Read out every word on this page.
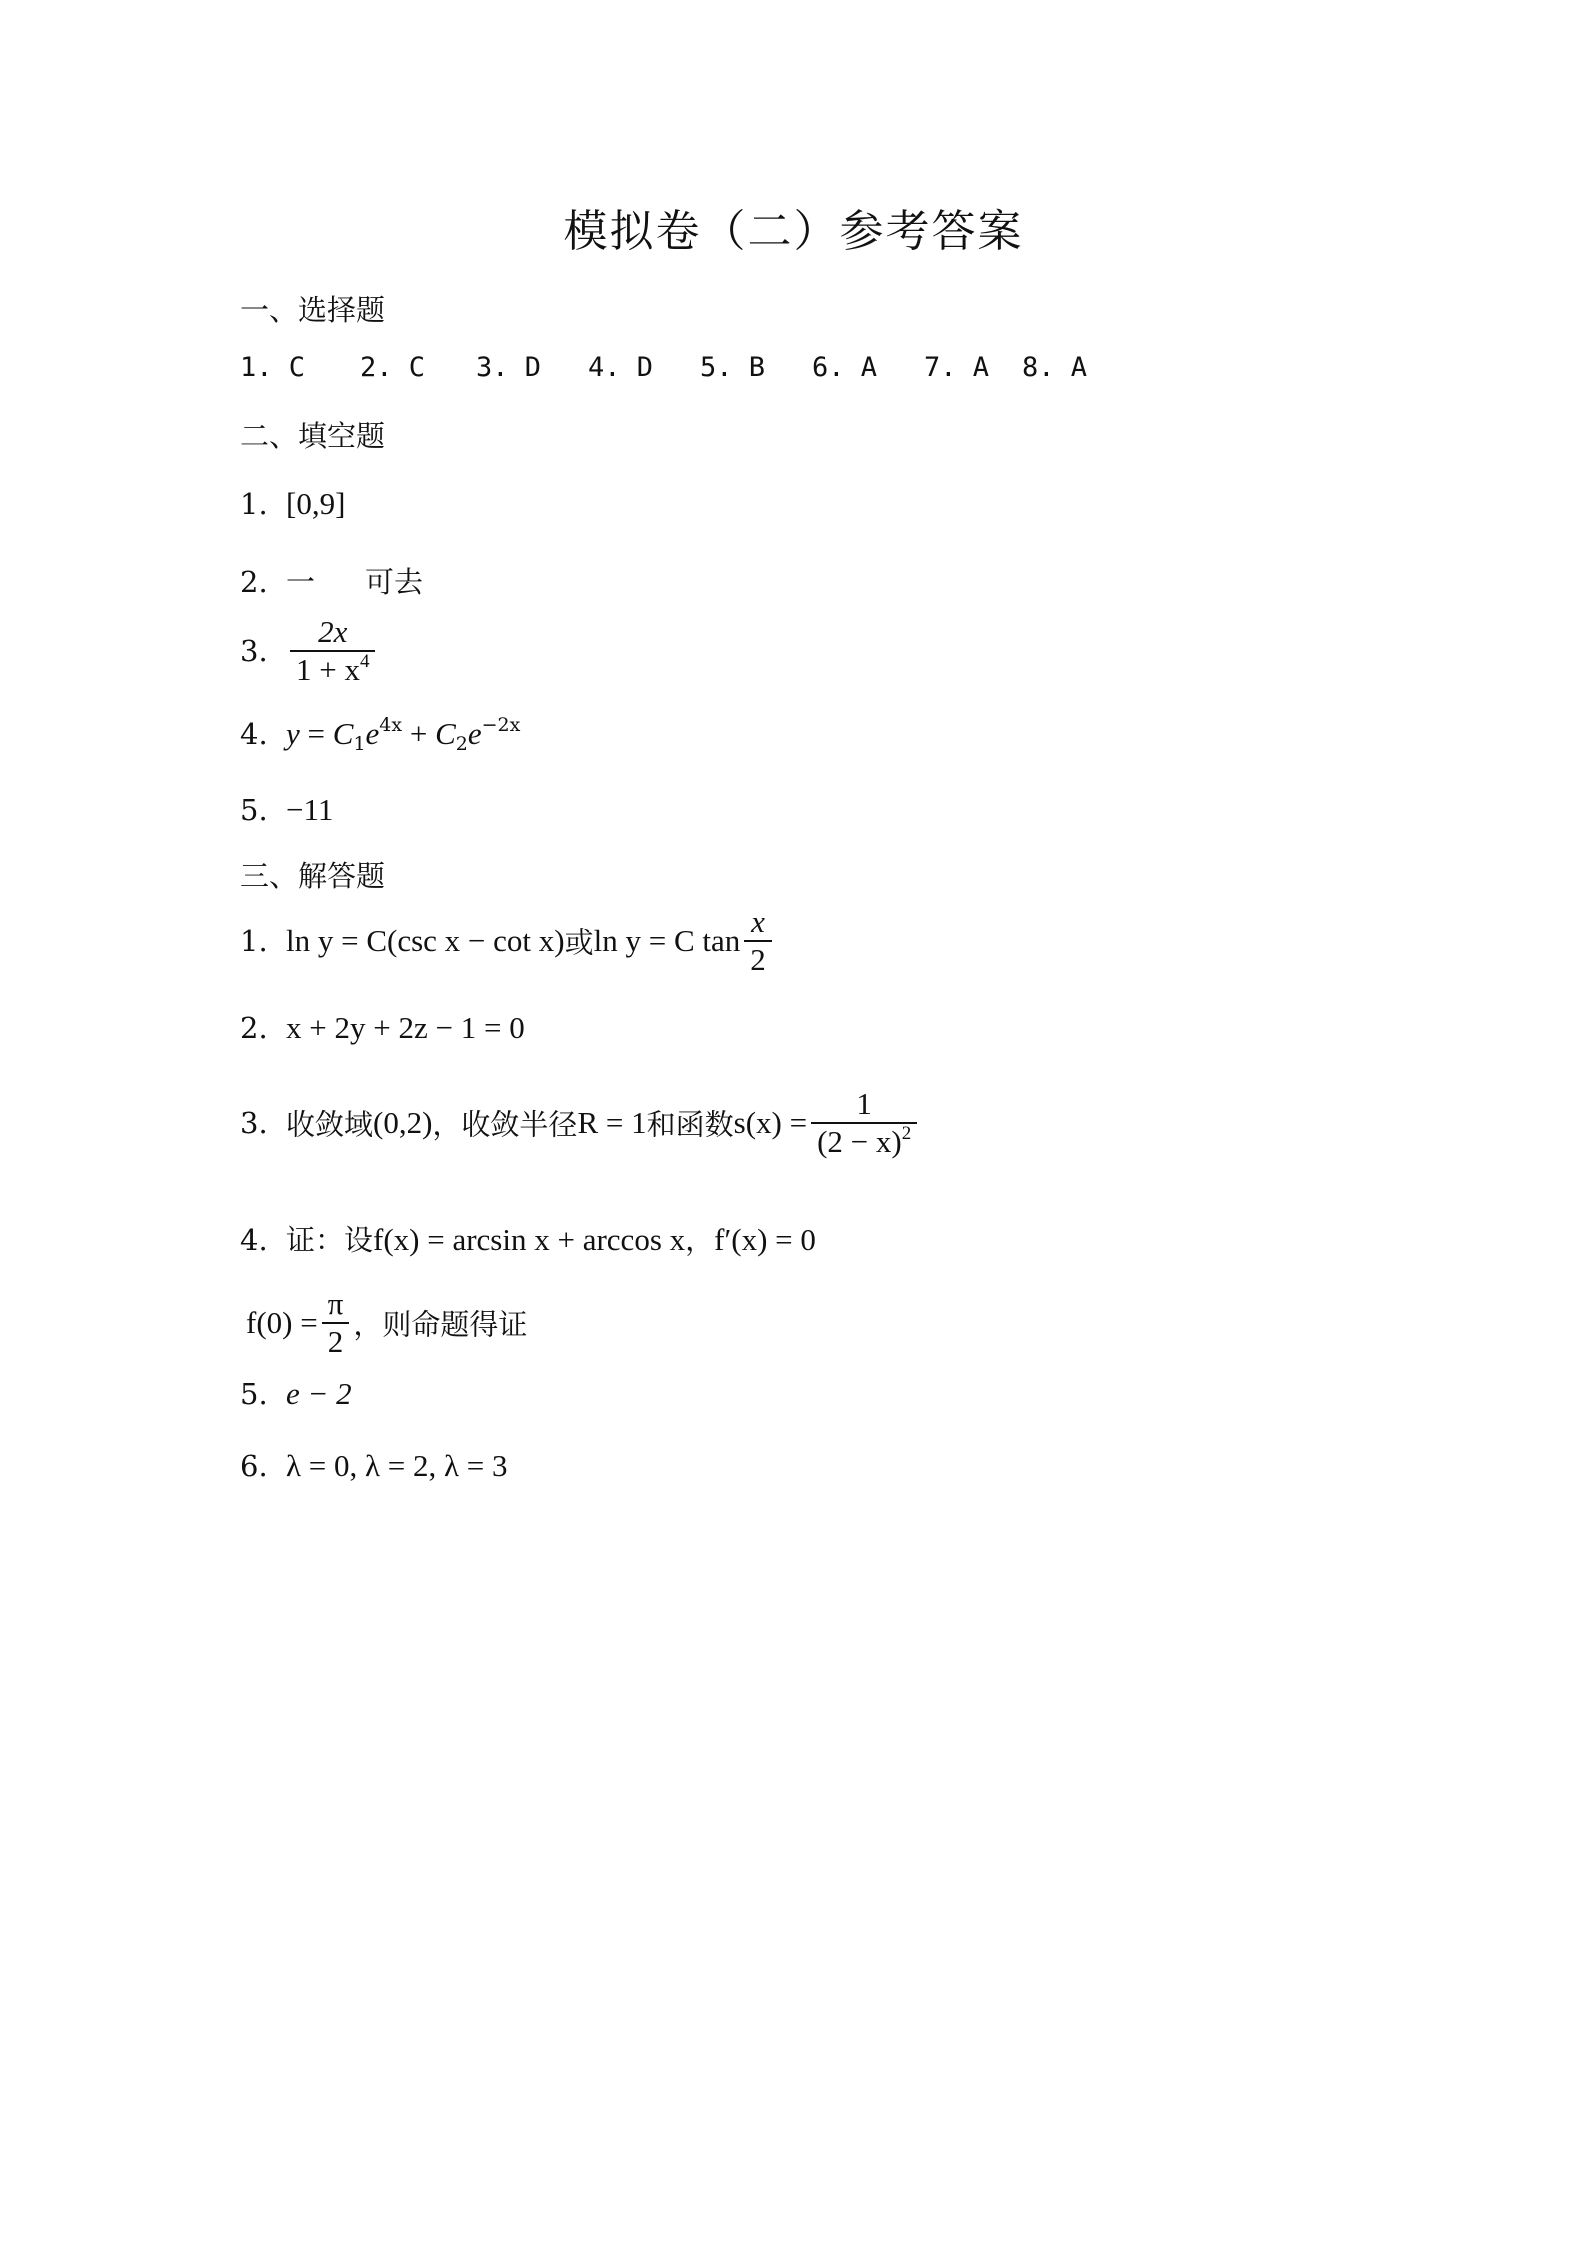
模拟卷（二）参考答案
一、选择题
1. C 2. C 3. D 4. D 5. B 6. A 7. A 8. A
二、填空题
1. [0,9]
2. 一 可去
3. $\frac{2x}{1 + x^4}$
4. $y = C_1e^{4x} + C_2e^{-2x}$
5. −11
三、解答题
1. ln y = C(csc x − cot x)或ln y = C $\tan \frac{x}{2}$
2. x + 2y + 2z − 1 = 0
3. 收敛域(0,2)，收敛半径R = 1和函数$s(x) = \frac{1}{(2 - x)^2}$
4. 证：设f(x) = arcsin x + arccos x，f′(x) = 0
$f(0) = \frac{\pi}{2}$ ，则命题得证
5. e − 2
6. λ = 0, λ = 2, λ = 3
